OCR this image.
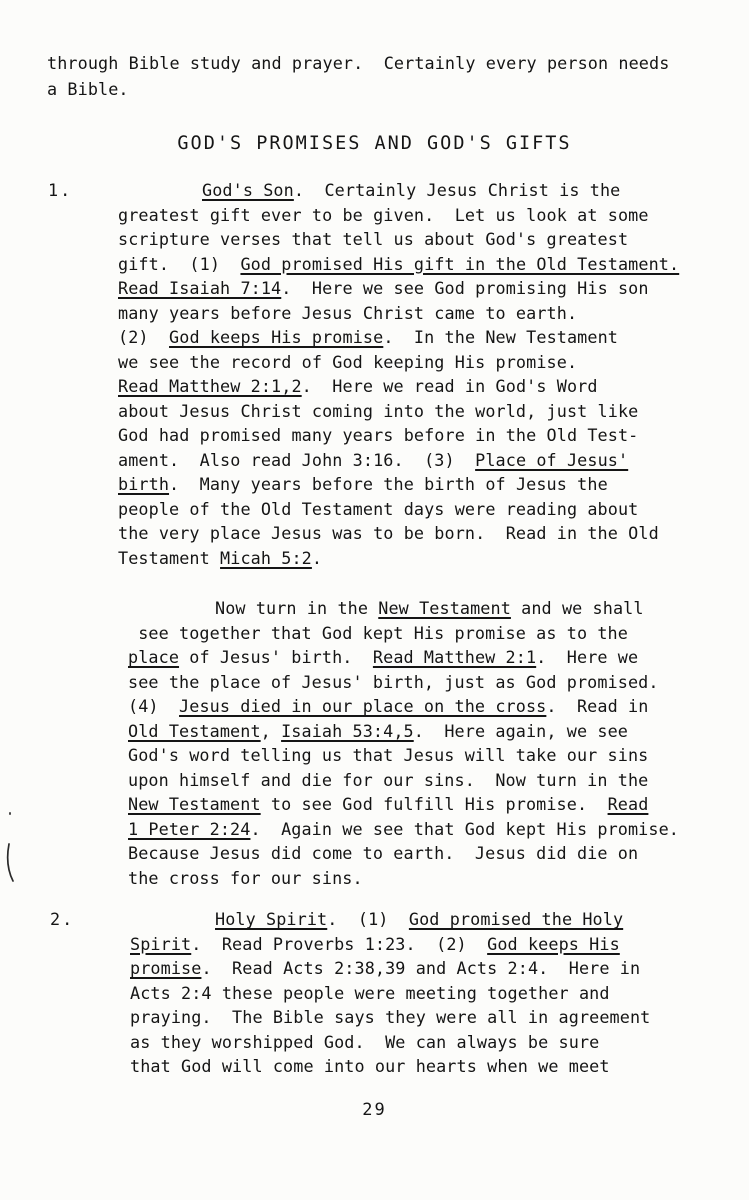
through Bible study and prayer.  Certainly every person needs
a Bible.
GOD'S PROMISES AND GOD'S GIFTS
1.	God's Son.  Certainly Jesus Christ is the
greatest gift ever to be given.  Let us look at some
scripture verses that tell us about God's greatest
gift.  (1)  God promised His gift in the Old Testament.
Read Isaiah 7:14.  Here we see God promising His son
many years before Jesus Christ came to earth.
(2)  God keeps His promise.  In the New Testament
we see the record of God keeping His promise.
Read Matthew 2:1,2.  Here we read in God's Word
about Jesus Christ coming into the world, just like
God had promised many years before in the Old Test-
ament.  Also read John 3:16.  (3)  Place of Jesus'
birth.  Many years before the birth of Jesus the
people of the Old Testament days were reading about
the very place Jesus was to be born.  Read in the Old
Testament Micah 5:2.
Now turn in the New Testament and we shall
see together that God kept His promise as to the
place of Jesus' birth.  Read Matthew 2:1.  Here we
see the place of Jesus' birth, just as God promised.
(4)  Jesus died in our place on the cross.  Read in
Old Testament, Isaiah 53:4,5.  Here again, we see
God's word telling us that Jesus will take our sins
upon himself and die for our sins.  Now turn in the
New Testament to see God fulfill His promise.  Read
1 Peter 2:24.  Again we see that God kept His promise.
Because Jesus did come to earth.  Jesus did die on
the cross for our sins.
2.	Holy Spirit.  (1)  God promised the Holy
Spirit.  Read Proverbs 1:23.  (2)  God keeps His
promise.  Read Acts 2:38,39 and Acts 2:4.  Here in
Acts 2:4 these people were meeting together and
praying.  The Bible says they were all in agreement
as they worshipped God.  We can always be sure
that God will come into our hearts when we meet
29
